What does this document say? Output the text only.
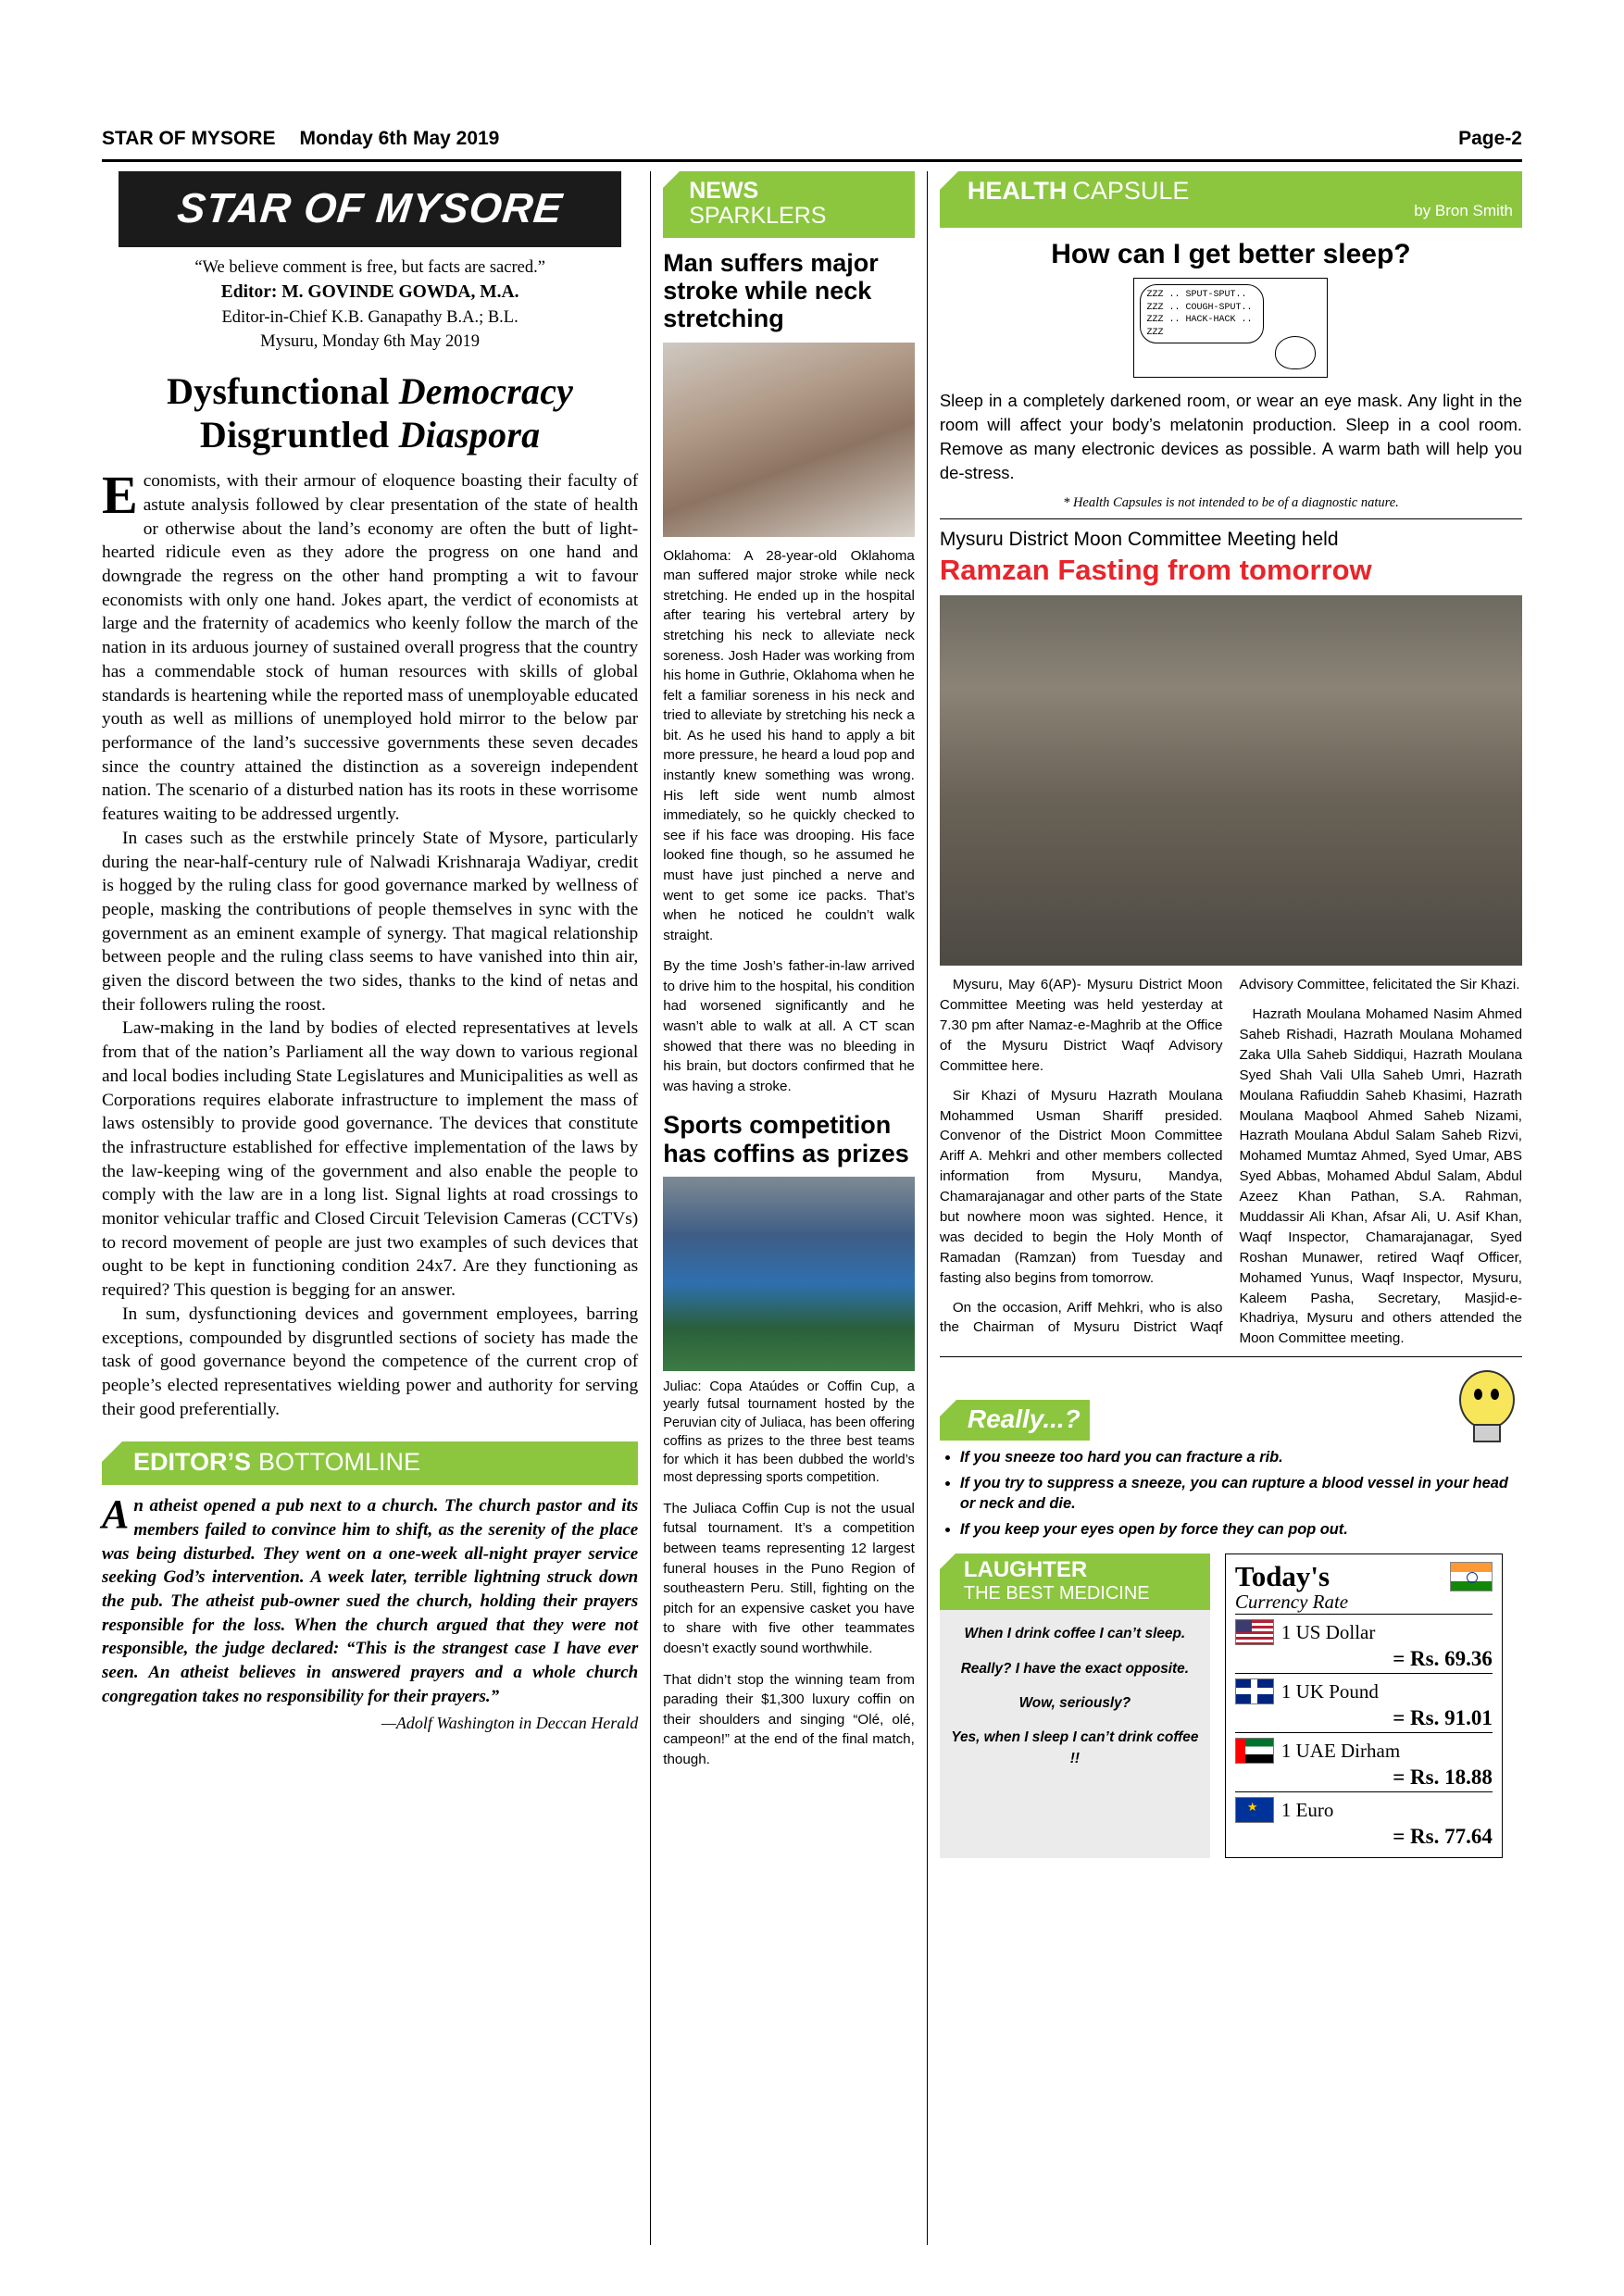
STAR OF MYSORE Monday 6th May 2019	Page-2
STAR OF MYSORE
“We believe comment is free, but facts are sacred.”
Editor: M. GOVINDE GOWDA, M.A.
Editor-in-Chief K.B. Ganapathy B.A.; B.L.
Mysuru, Monday 6th May 2019
Dysfunctional Democracy
Disgruntled Diaspora

Economists, with their armour of eloquence boasting their faculty of astute analysis followed by clear presentation of the state of health or otherwise about the land’s economy are often the butt of light-hearted ridicule even as they adore the progress on one hand and downgrade the regress on the other hand prompting a wit to favour economists with only one hand. Jokes apart, the verdict of economists at large and the fraternity of academics who keenly follow the march of the nation in its arduous journey of sustained overall progress that the country has a commendable stock of human resources with skills of global standards is heartening while the reported mass of unemployable educated youth as well as millions of unemployed hold mirror to the below par performance of the land’s successive governments these seven decades since the country attained the distinction as a sovereign independent nation. The scenario of a disturbed nation has its roots in these worrisome features waiting to be addressed urgently.

In cases such as the erstwhile princely State of Mysore, particularly during the near-half-century rule of Nalwadi Krishnaraja Wadiyar, credit is hogged by the ruling class for good governance marked by wellness of people, masking the contributions of people themselves in sync with the government as an eminent example of synergy. That magical relationship between people and the ruling class seems to have vanished into thin air, given the discord between the two sides, thanks to the kind of netas and their followers ruling the roost.

Law-making in the land by bodies of elected representatives at levels from that of the nation’s Parliament all the way down to various regional and local bodies including State Legislatures and Municipalities as well as Corporations requires elaborate infrastructure to implement the mass of laws ostensibly to provide good governance. The devices that constitute the infrastructure established for effective implementation of the laws by the law-keeping wing of the government and also enable the people to comply with the law are in a long list. Signal lights at road crossings to monitor vehicular traffic and Closed Circuit Television Cameras (CCTVs) to record movement of people are just two examples of such devices that ought to be kept in functioning condition 24x7. Are they functioning as required? This question is begging for an answer.

In sum, dysfunctioning devices and government employees, barring exceptions, compounded by disgruntled sections of society has made the task of good governance beyond the competence of the current crop of people’s elected representatives wielding power and authority for serving their good preferentially.

EDITOR’S BOTTOMLINE
An atheist opened a pub next to a church. The church pastor and its members failed to convince him to shift, as the serenity of the place was being disturbed. They went on a one-week all-night prayer service seeking God’s intervention. A week later, terrible lightning struck down the pub. The atheist pub-owner sued the church, holding their prayers responsible for the loss. When the church argued that they were not responsible, the judge declared: “This is the strangest case I have ever seen. An atheist believes in answered prayers and a whole church congregation takes no responsibility for their prayers.”
—Adolf Washington in Deccan Herald
NEWS
SPARKLERS
Man suffers major stroke while neck stretching

Oklahoma: A 28-year-old Oklahoma man suffered major stroke while neck stretching. He ended up in the hospital after tearing his vertebral artery by stretching his neck to alleviate neck soreness. Josh Hader was working from his home in Guthrie, Oklahoma when he felt a familiar soreness in his neck and tried to alleviate by stretching his neck a bit. As he used his hand to apply a bit more pressure, he heard a loud pop and instantly knew something was wrong. His left side went numb almost immediately, so he quickly checked to see if his face was drooping. His face looked fine though, so he assumed he must have just pinched a nerve and went to get some ice packs. That’s when he noticed he couldn’t walk straight.

By the time Josh’s father-in-law arrived to drive him to the hospital, his condition had worsened significantly and he wasn’t able to walk at all. A CT scan showed that there was no bleeding in his brain, but doctors confirmed that he was having a stroke.

Sports competition has coffins as prizes
Juliac: Copa Ataúdes or Coffin Cup, a yearly futsal tournament hosted by the Peruvian city of Juliaca, has been offering coffins as prizes to the three best teams for which it has been dubbed the world’s most depressing sports competition.

The Juliaca Coffin Cup is not the usual futsal tournament. It’s a competition between teams representing 12 largest funeral houses in the Puno Region of southeastern Peru. Still, fighting on the pitch for an expensive casket you have to share with five other teammates doesn’t exactly sound worthwhile.

That didn’t stop the winning team from parading their $1,300 luxury coffin on their shoulders and singing “Olé, olé, campeon!” at the end of the final match, though.

HEALTH CAPSULE
by Bron Smith
How can I get better sleep?
ZZZ .. SPUT-SPUT.. ZZZ .. COUGH-SPUT.. ZZZ .. HACK-HACK .. ZZZ
Sleep in a completely darkened room, or wear an eye mask. Any light in the room will affect your body’s melatonin production. Sleep in a cool room. Remove as many electronic devices as possible. A warm bath will help you de-stress.
* Health Capsules is not intended to be of a diagnostic nature.
Mysuru District Moon Committee Meeting held
Ramzan Fasting from tomorrow

Mysuru, May 6(AP)- Mysuru District Moon Committee Meeting was held yesterday at 7.30 pm after Namaz-e-Maghrib at the Office of the Mysuru District Waqf Advisory Committee here.

Sir Khazi of Mysuru Hazrath Moulana Mohammed Usman Shariff presided. Convenor of the District Moon Committee Ariff A. Mehkri and other members collected information from Mysuru, Mandya, Chamarajanagar and other parts of the State but nowhere moon was sighted. Hence, it was decided to begin the Holy Month of Ramadan (Ramzan) from Tuesday and fasting also begins from tomorrow.

On the occasion, Ariff Mehkri, who is also the Chairman of Mysuru District Waqf Advisory Committee, felicitated the Sir Khazi.

Hazrath Moulana Mohamed Nasim Ahmed Saheb Rishadi, Hazrath Moulana Mohamed Zaka Ulla Saheb Siddiqui, Hazrath Moulana Syed Shah Vali Ulla Saheb Umri, Hazrath Moulana Rafiuddin Saheb Khasimi, Hazrath Moulana Maqbool Ahmed Saheb Nizami, Hazrath Moulana Abdul Salam Saheb Rizvi, Mohamed Mumtaz Ahmed, Syed Umar, ABS Syed Abbas, Mohamed Abdul Salam, Abdul Azeez Khan Pathan, S.A. Rahman, Muddassir Ali Khan, Afsar Ali, U. Asif Khan, Waqf Inspector, Chamarajanagar, Syed Roshan Munawer, retired Waqf Officer, Mohamed Yunus, Waqf Inspector, Mysuru, Kaleem Pasha, Secretary, Masjid-e-Khadriya, Mysuru and others attended the Moon Committee meeting.

Really...?
• If you sneeze too hard you can fracture a rib.
• If you try to suppress a sneeze, you can rupture a blood vessel in your head or neck and die.
• If you keep your eyes open by force they can pop out.
LAUGHTER
THE BEST MEDICINE

When I drink coffee I can’t sleep.

Really? I have the exact opposite.

Wow, seriously?

Yes, when I sleep I can’t drink coffee !!

Today's
Currency Rate
1 US Dollar
= Rs. 69.36
1 UK Pound
= Rs. 91.01
1 UAE Dirham
= Rs. 18.88
★
1 Euro
= Rs. 77.64
